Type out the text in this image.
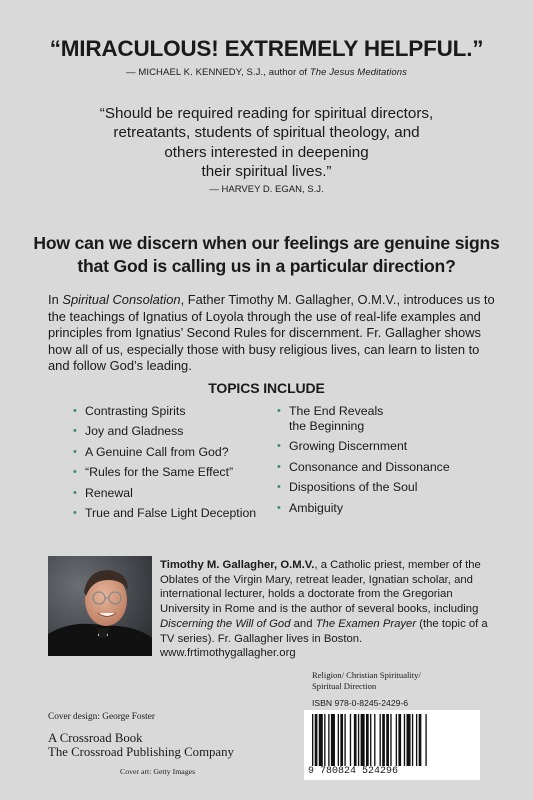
“MIRACULOUS! EXTREMELY HELPFUL.”
— MICHAEL K. KENNEDY, S.J., author of The Jesus Meditations
“Should be required reading for spiritual directors,
retreatants, students of spiritual theology, and
others interested in deepening
their spiritual lives.”
— HARVEY D. EGAN, S.J.
How can we discern when our feelings are genuine signs
that God is calling us in a particular direction?
In Spiritual Consolation, Father Timothy M. Gallagher, O.M.V., introduces us to the teachings of Ignatius of Loyola through the use of real-life examples and principles from Ignatius’ Second Rules for discernment. Fr. Gallagher shows how all of us, especially those with busy religious lives, can learn to listen to and follow God’s leading.
TOPICS INCLUDE
• Contrasting Spirits
• Joy and Gladness
• A Genuine Call from God?
• “Rules for the Same Effect”
• Renewal
• True and False Light Deception
• The End Reveals the Beginning
• Growing Discernment
• Consonance and Dissonance
• Dispositions of the Soul
• Ambiguity
Timothy M. Gallagher, O.M.V., a Catholic priest, member of the Oblates of the Virgin Mary, retreat leader, Ignatian scholar, and international lecturer, holds a doctorate from the Gregorian University in Rome and is the author of several books, including Discerning the Will of God and The Examen Prayer (the topic of a TV series). Fr. Gallagher lives in Boston. www.frtimothygallagher.org
Religion/ Christian Spirituality/
Spiritual Direction
ISBN 978-0-8245-2429-6
9 780824 524296
Cover design: George Foster
A Crossroad Book
The Crossroad Publishing Company
Cover art: Getty Images
